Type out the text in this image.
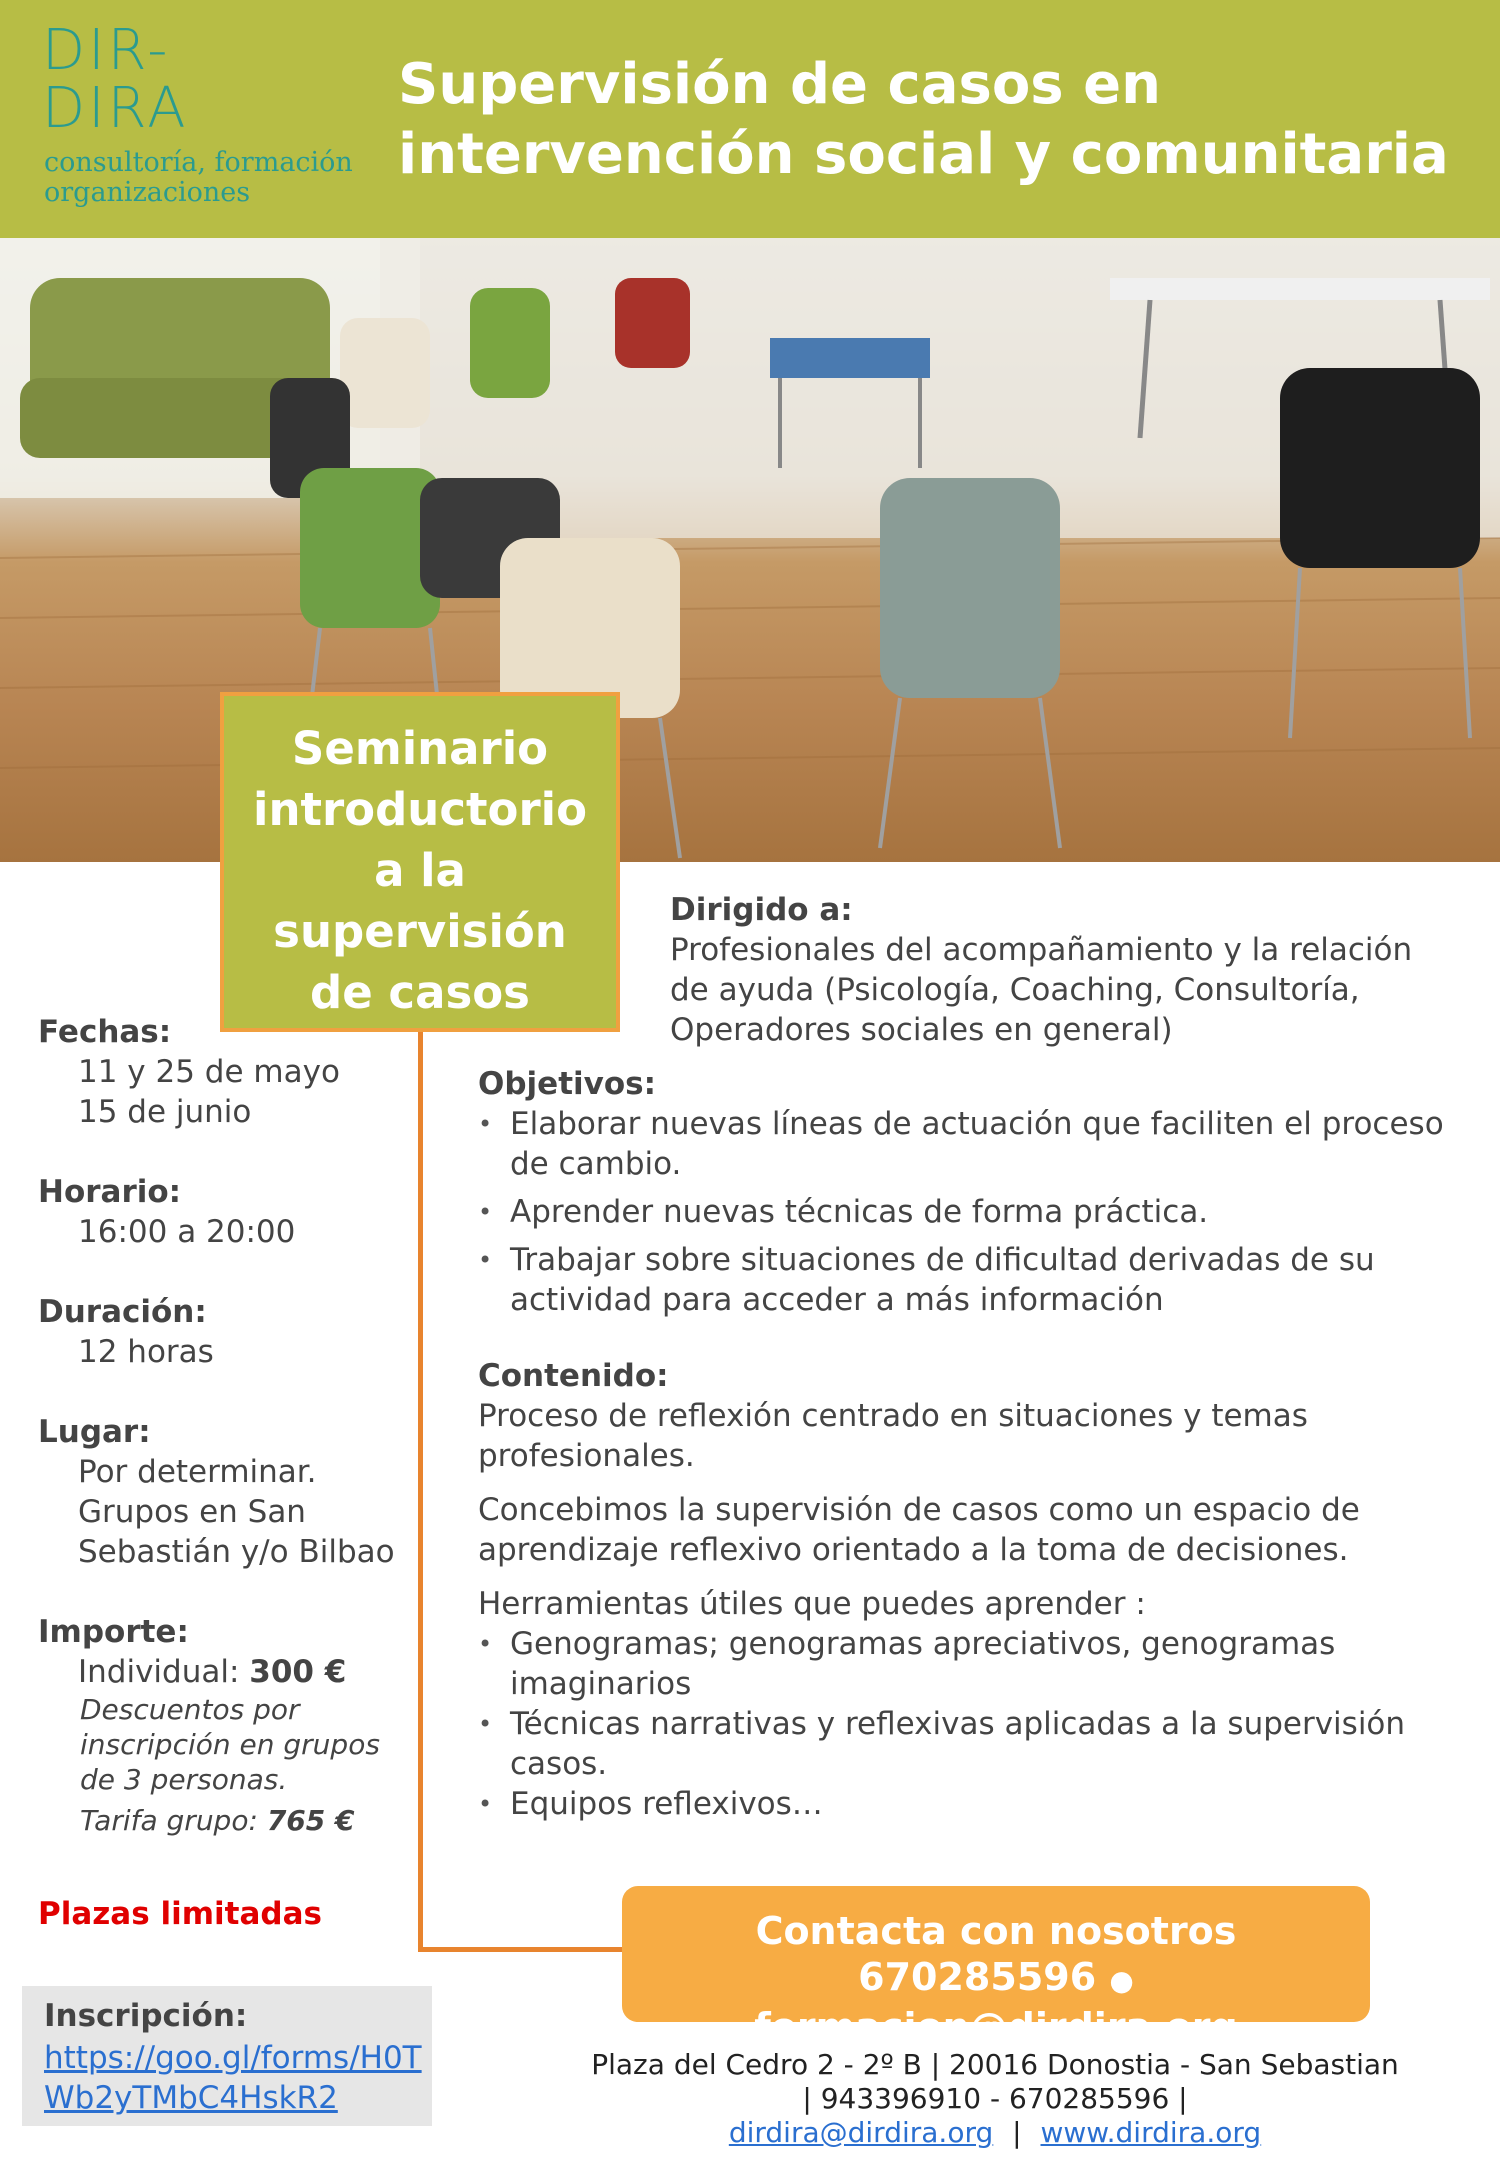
DIR-
DIRA
consultoría, formación
organizaciones
Supervisión de casos en
intervención social y comunitaria
Seminario
introductorio
a la
supervisión
de casos
Fechas:
11 y 25 de mayo
15 de junio
Horario:
16:00 a 20:00
Duración:
12 horas
Lugar:
Por determinar.
Grupos en San
Sebastián y/o Bilbao
Importe:
Individual: 300 €
Descuentos por
inscripción en grupos
de 3 personas.
Tarifa grupo: 765 €
Plazas limitadas
Inscripción:
https://goo.gl/forms/H0TWb2yTMbC4HskR2
Dirigido a:
Profesionales del acompañamiento y la relación
de ayuda (Psicología, Coaching, Consultoría,
Operadores sociales en general)
Objetivos:
• Elaborar nuevas líneas de actuación que faciliten el proceso de cambio.
• Aprender nuevas técnicas de forma práctica.
• Trabajar sobre situaciones de dificultad derivadas de su actividad para acceder a más información
Contenido:
Proceso de reflexión centrado en situaciones y temas profesionales.
Concebimos la supervisión de casos como un espacio de aprendizaje reflexivo orientado a la toma de decisiones.
Herramientas útiles que puedes aprender :
• Genogramas; genogramas apreciativos, genogramas imaginarios
• Técnicas narrativas y reflexivas aplicadas a la supervisión casos.
• Equipos reflexivos…
Contacta con nosotros
670285596 ● formacion@dirdira.org
Plaza del Cedro 2 - 2º B | 20016 Donostia - San Sebastian
| 943396910 - 670285596 |
dirdira@dirdira.org | www.dirdira.org
